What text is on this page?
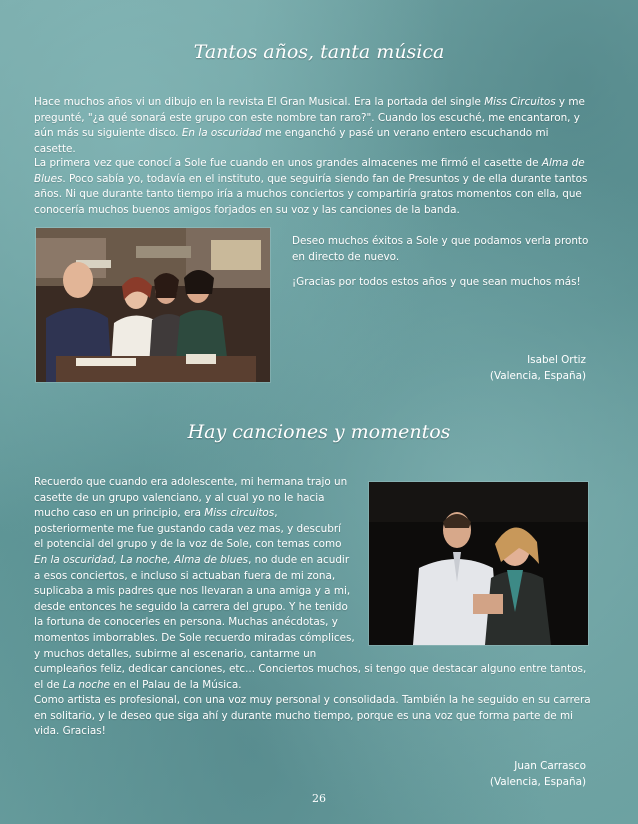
Tantos años, tanta música

Hace muchos años vi un dibujo en la revista El Gran Musical. Era la portada del single Miss Circuitos y me pregunté, "¿a qué sonará este grupo con este nombre tan raro?". Cuando los escuché, me encantaron, y aún más su siguiente disco. En la oscuridad me enganchó y pasé un verano entero escuchando mi casette.

La primera vez que conocí a Sole fue cuando en unos grandes almacenes me firmó el casette de Alma de Blues. Poco sabía yo, todavía en el instituto, que seguiría siendo fan de Presuntos y de ella durante tantos años. Ni que durante tanto tiempo iría a muchos conciertos y compartiría gratos momentos con ella, que conocería muchos buenos amigos forjados en su voz y las canciones de la banda.

Deseo muchos éxitos a Sole y que podamos verla pronto en directo de nuevo.
¡Gracias por todos estos años y que sean muchos más!
Isabel Ortiz
(Valencia, España)
Hay canciones y momentos

Recuerdo que cuando era adolescente, mi hermana trajo un

casette de un grupo valenciano, y al cual yo no le hacia

mucho caso en un principio, era Miss circuitos,

posteriormente me fue gustando cada vez mas, y descubrí

el potencial del grupo y de la voz de Sole, con temas como

En la oscuridad, La noche, Alma de blues, no dude en acudir

a esos conciertos, e incluso si actuaban fuera de mi zona,

suplicaba a mis padres que nos llevaran a una amiga y a mi,

desde entonces he seguido la carrera del grupo. Y he tenido

la fortuna de conocerles en persona. Muchas anécdotas, y

momentos imborrables. De Sole recuerdo miradas cómplices,

y muchos detalles, subirme al escenario, cantarme un

cumpleaños feliz, dedicar canciones, etc... Conciertos muchos, si tengo que destacar alguno entre tantos, el de La noche en el Palau de la Música.

Como artista es profesional, con una voz muy personal y consolidada. También la he seguido en su carrera en solitario, y le deseo que siga ahí y durante mucho tiempo, porque es una voz que forma parte de mi vida. Gracias!

Juan Carrasco
(Valencia, España)
26
